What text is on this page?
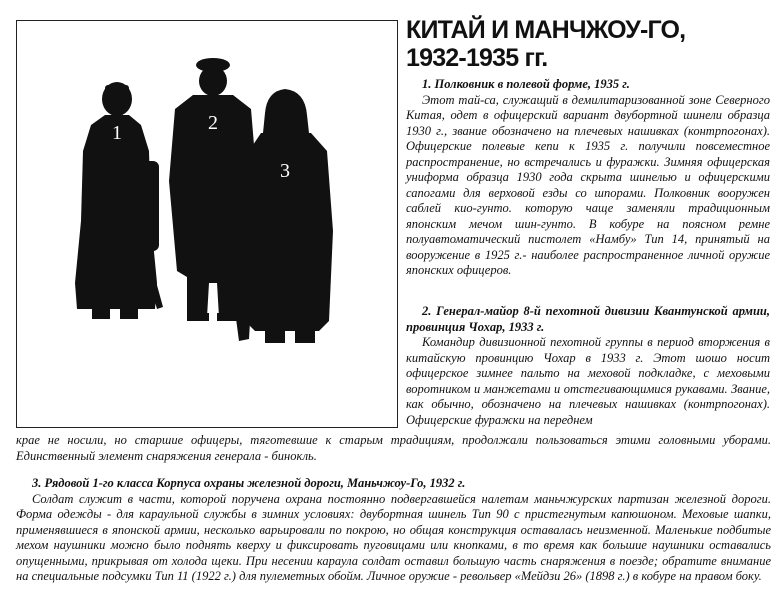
1	2
3
КИТАЙ И МАНЧЖОУ-ГО,
1932-1935 гг.
1. Полковник в полевой форме, 1935 г.
Этот тай-са, служащий в демилитаризованной зоне Северного Китая, одет в офицерский вариант двубортной шинели образца 1930 г., звание обозначено на плечевых нашивках (контрпогонах). Офицерские полевые кепи к 1935 г. получили повсеместное распространение, но встречались и фуражки. Зимняя офицерская униформа образца 1930 года скрыта шинелью и офицерскими сапогами для верховой езды со шпорами. Полковник вооружен саблей кио-гунто. которую чаще заменяли традиционным японским мечом шин-гунто. В кобуре на поясном ремне полуавтоматический пистолет «Намбу» Тип 14, принятый на вооружение в 1925 г.- наиболее распространенное личной оружие японских офицеров.
2. Генерал-майор 8-й пехотной дивизии Квантунской армии, провинция Чохар, 1933 г.
Командир дивизионной пехотной группы в период вторжения в китайскую провинцию Чохар в 1933 г. Этот шошо носит офицерское зимнее пальто на меховой подкладке, с меховыми воротником и манжетами и отстегивающимися рукавами. Звание, как обычно, обозначено на плечевых нашивках (контрпогонах). Офицерские фуражки на переднем
крае не носили, но старшие офицеры, тяготевшие к старым традициям, продолжали пользоваться этими головными уборами. Единственный элемент снаряжения генерала - бинокль.
3. Рядовой 1-го класса Корпуса охраны железной дороги, Маньчжоу-Го, 1932 г.
Солдат служит в части, которой поручена охрана постоянно подвергавшейся налетам маньчжурских партизан железной дороги. Форма одежды - для караульной службы в зимних условиях: двубортная шинель Тип 90 с пристегнутым капюшоном. Меховые шапки, применявшиеся в японской армии, несколько варьировали по покрою, но общая конструкция оставалась неизменной. Маленькие подбитые мехом наушники можно было поднять кверху и фиксировать пуговицами или кнопками, в то время как большие наушники оставались опущенными, прикрывая от холода щеки. При несении караула солдат оставил большую часть снаряжения в поезде; обратите внимание на специальные подсумки Тип 11 (1922 г.) для пулеметных обойм. Личное оружие - револьвер «Мейдзи 26» (1898 г.) в кобуре на правом боку.
